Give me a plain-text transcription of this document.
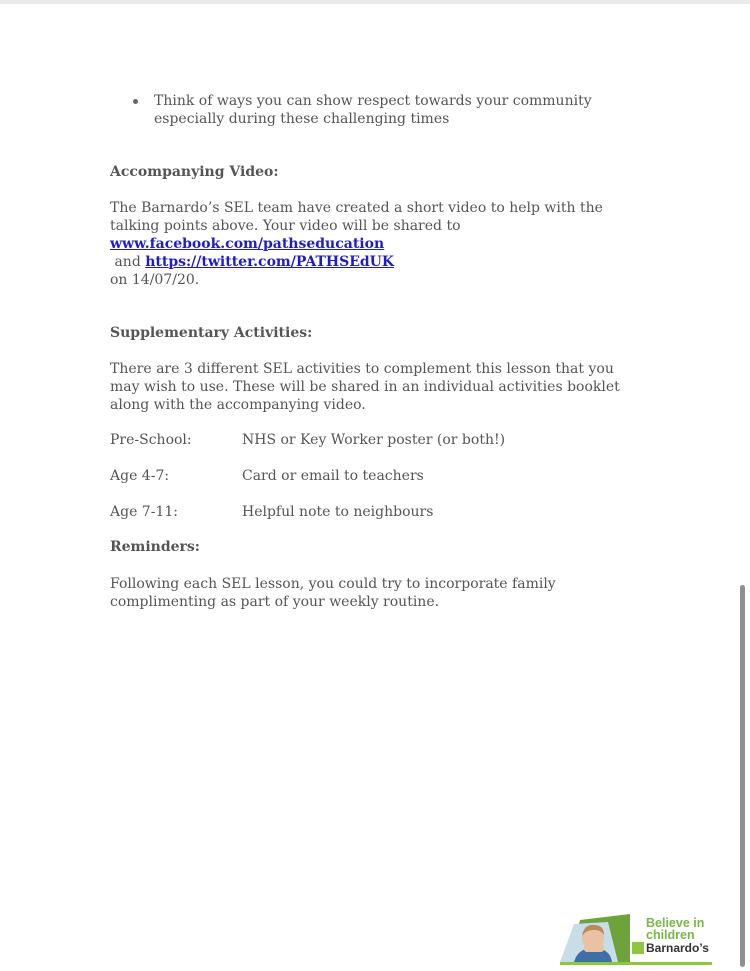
Think of ways you can show respect towards your community
especially during these challenging times

Accompanying Video:

The Barnardo’s SEL team have created a short video to help with the
talking points above. Your video will be shared to
www.facebook.com/pathseducation and https://twitter.com/PATHSEdUK
on 14/07/20.

Supplementary Activities:

There are 3 different SEL activities to complement this lesson that you
may wish to use. These will be shared in an individual activities booklet
along with the accompanying video.
Pre-School:	NHS or Key Worker poster (or both!)
Age 4-7:	Card or email to teachers
Age 7-11:	Helpful note to neighbours

Reminders:

Following each SEL lesson, you could try to incorporate family
complimenting as part of your weekly routine.
Believe in
children
Barnardo’s
